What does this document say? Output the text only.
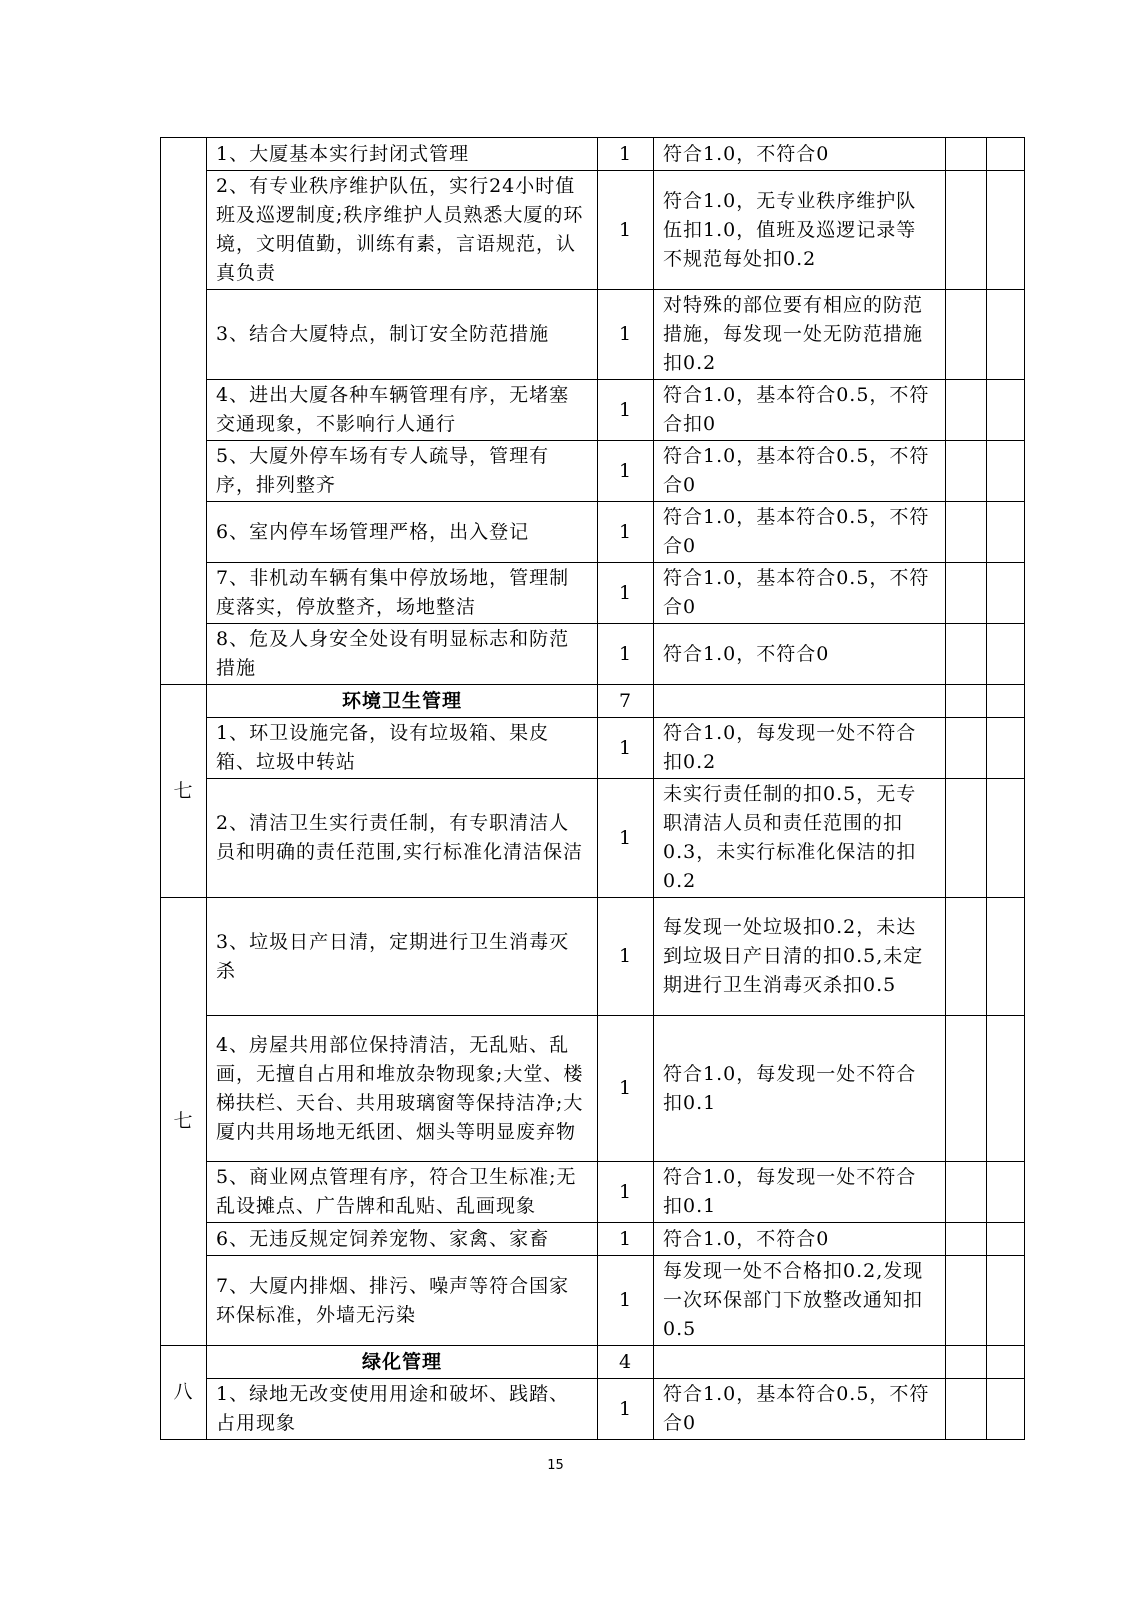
	1、大厦基本实行封闭式管理	1	符合1.0，不符合0		
	2、有专业秩序维护队伍，实行24小时值班及巡逻制度;秩序维护人员熟悉大厦的环境，文明值勤，训练有素，言语规范，认真负责	1	符合1.0，无专业秩序维护队伍扣1.0，值班及巡逻记录等不规范每处扣0.2		
	3、结合大厦特点，制订安全防范措施	1	对特殊的部位要有相应的防范措施，每发现一处无防范措施扣0.2		
	4、进出大厦各种车辆管理有序，无堵塞交通现象，不影响行人通行	1	符合1.0，基本符合0.5，不符合扣0		
	5、大厦外停车场有专人疏导，管理有序，排列整齐	1	符合1.0，基本符合0.5，不符合0		
	6、室内停车场管理严格，出入登记	1	符合1.0，基本符合0.5，不符合0		
	7、非机动车辆有集中停放场地，管理制度落实，停放整齐，场地整洁	1	符合1.0，基本符合0.5，不符合0		
	8、危及人身安全处设有明显标志和防范措施	1	符合1.0，不符合0		
七	环境卫生管理	7			
	1、环卫设施完备，设有垃圾箱、果皮箱、垃圾中转站	1	符合1.0，每发现一处不符合扣0.2		
	2、清洁卫生实行责任制，有专职清洁人员和明确的责任范围,实行标准化清洁保洁	1	未实行责任制的扣0.5，无专职清洁人员和责任范围的扣0.3，未实行标准化保洁的扣0.2		
七	3、垃圾日产日清，定期进行卫生消毒灭杀	1	每发现一处垃圾扣0.2，未达到垃圾日产日清的扣0.5,未定期进行卫生消毒灭杀扣0.5		
	4、房屋共用部位保持清洁，无乱贴、乱画，无擅自占用和堆放杂物现象;大堂、楼梯扶栏、天台、共用玻璃窗等保持洁净;大厦内共用场地无纸团、烟头等明显废弃物	1	符合1.0，每发现一处不符合扣0.1		
	5、商业网点管理有序，符合卫生标准;无乱设摊点、广告牌和乱贴、乱画现象	1	符合1.0，每发现一处不符合扣0.1		
	6、无违反规定饲养宠物、家禽、家畜	1	符合1.0，不符合0		
	7、大厦内排烟、排污、噪声等符合国家环保标准，外墙无污染	1	每发现一处不合格扣0.2,发现一次环保部门下放整改通知扣0.5		
八	绿化管理	4			
	1、绿地无改变使用用途和破坏、践踏、占用现象	1	符合1.0，基本符合0.5，不符合0		
15
